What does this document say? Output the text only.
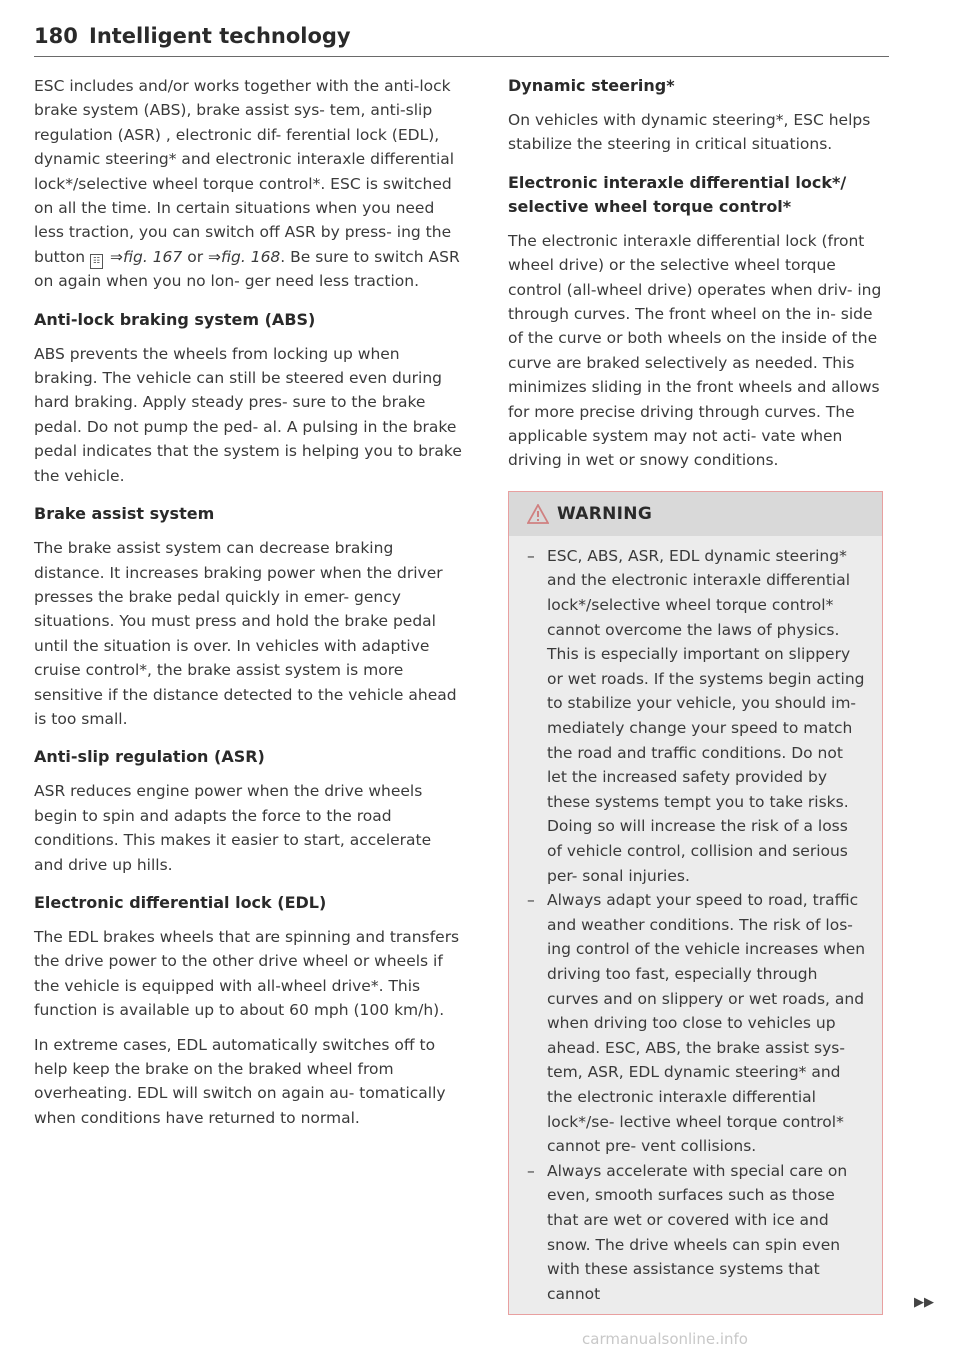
180 Intelligent technology

ESC includes and/or works together with the anti-lock brake system (ABS), brake assist sys- tem, anti-slip regulation (ASR) , electronic dif- ferential lock (EDL), dynamic steering* and electronic interaxle differential lock*/selective wheel torque control*. ESC is switched on all the time. In certain situations when you need less traction, you can switch off ASR by press- ing the button ☷ ⇒fig. 167 or ⇒fig. 168. Be sure to switch ASR on again when you no lon- ger need less traction.

Anti-lock braking system (ABS)

ABS prevents the wheels from locking up when braking. The vehicle can still be steered even during hard braking. Apply steady pres- sure to the brake pedal. Do not pump the ped- al. A pulsing in the brake pedal indicates that the system is helping you to brake the vehicle.

Brake assist system

The brake assist system can decrease braking distance. It increases braking power when the driver presses the brake pedal quickly in emer- gency situations. You must press and hold the brake pedal until the situation is over. In vehicles with adaptive cruise control*, the brake assist system is more sensitive if the distance detected to the vehicle ahead is too small.

Anti-slip regulation (ASR)

ASR reduces engine power when the drive wheels begin to spin and adapts the force to the road conditions. This makes it easier to start, accelerate and drive up hills.

Electronic differential lock (EDL)

The EDL brakes wheels that are spinning and transfers the drive power to the other drive wheel or wheels if the vehicle is equipped with all-wheel drive*. This function is available up to about 60 mph (100 km/h).

In extreme cases, EDL automatically switches off to help keep the brake on the braked wheel from overheating. EDL will switch on again au- tomatically when conditions have returned to normal.

Dynamic steering*

On vehicles with dynamic steering*, ESC helps stabilize the steering in critical situations.

Electronic interaxle differential lock*/ selective wheel torque control*

The electronic interaxle differential lock (front wheel drive) or the selective wheel torque control (all-wheel drive) operates when driv- ing through curves. The front wheel on the in- side of the curve or both wheels on the inside of the curve are braked selectively as needed. This minimizes sliding in the front wheels and allows for more precise driving through curves. The applicable system may not acti- vate when driving in wet or snowy conditions.

WARNING
– ESC, ABS, ASR, EDL dynamic steering* and the electronic interaxle differential lock*/selective wheel torque control* cannot overcome the laws of physics. This is especially important on slippery or wet roads. If the systems begin acting to stabilize your vehicle, you should im- mediately change your speed to match the road and traffic conditions. Do not let the increased safety provided by these systems tempt you to take risks. Doing so will increase the risk of a loss of vehicle control, collision and serious per- sonal injuries.
– Always adapt your speed to road, traffic and weather conditions. The risk of los- ing control of the vehicle increases when driving too fast, especially through curves and on slippery or wet roads, and when driving too close to vehicles up ahead. ESC, ABS, the brake assist sys- tem, ASR, EDL dynamic steering* and the electronic interaxle differential lock*/se- lective wheel torque control* cannot pre- vent collisions.
– Always accelerate with special care on even, smooth surfaces such as those that are wet or covered with ice and snow. The drive wheels can spin even with these assistance systems that cannot
▶▶
carmanualsonline.info
